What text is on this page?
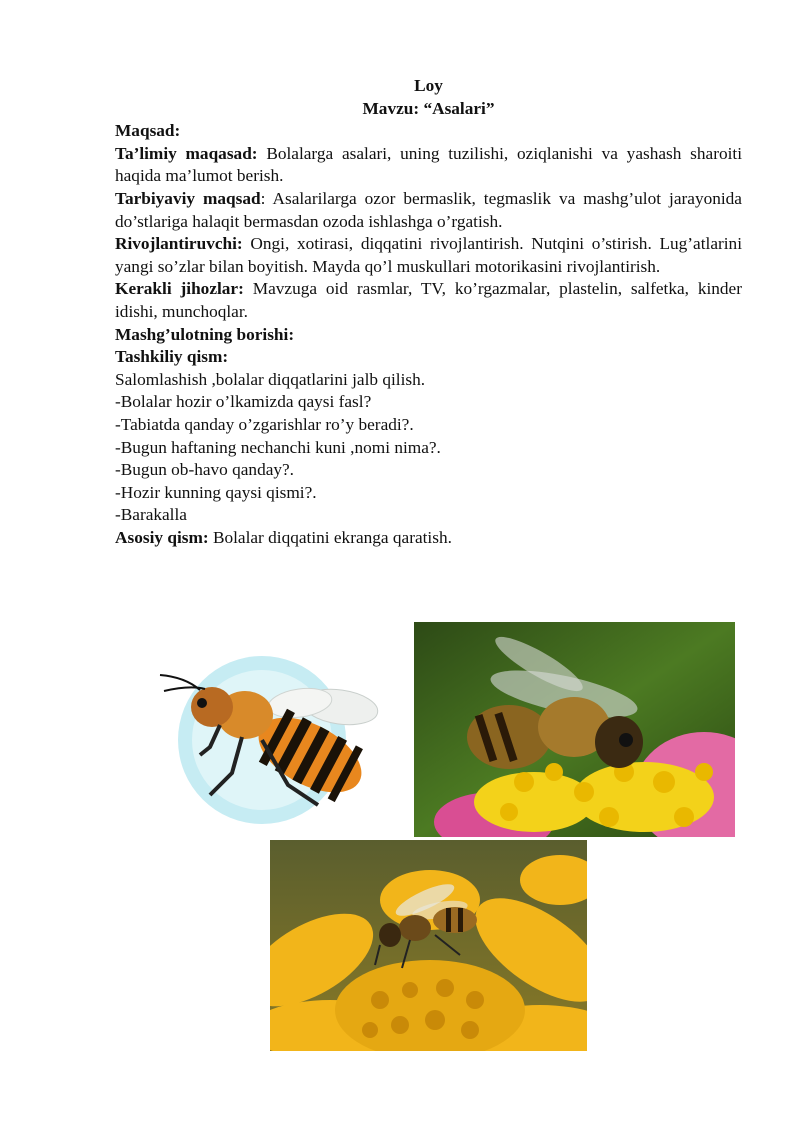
Loy

Mavzu: “Asalari”

Maqsad:

Ta’limiy maqasad: Bolalarga asalari, uning tuzilishi, oziqlanishi va yashash sharoiti haqida ma’lumot berish.

Tarbiyaviy maqsad: Asalarilarga ozor bermaslik, tegmaslik va mashg’ulot jarayonida do’stlariga halaqit bermasdan ozoda ishlashga o’rgatish.

Rivojlantiruvchi: Ongi, xotirasi, diqqatini rivojlantirish. Nutqini o’stirish. Lug’atlarini yangi so’zlar bilan boyitish. Mayda qo’l muskullari motorikasini rivojlantirish.

Kerakli jihozlar: Mavzuga oid rasmlar, TV, ko’rgazmalar, plastelin, salfetka, kinder idishi, munchoqlar.

Mashg’ulotning borishi:

Tashkiliy qism:

Salomlashish ,bolalar diqqatlarini jalb qilish.

-Bolalar hozir o’lkamizda qaysi fasl?

-Tabiatda qanday o’zgarishlar ro’y beradi?.

-Bugun haftaning nechanchi kuni ,nomi nima?.

-Bugun ob-havo qanday?.

-Hozir kunning qaysi qismi?.

-Barakalla

Asosiy qism: Bolalar diqqatini ekranga qaratish.
